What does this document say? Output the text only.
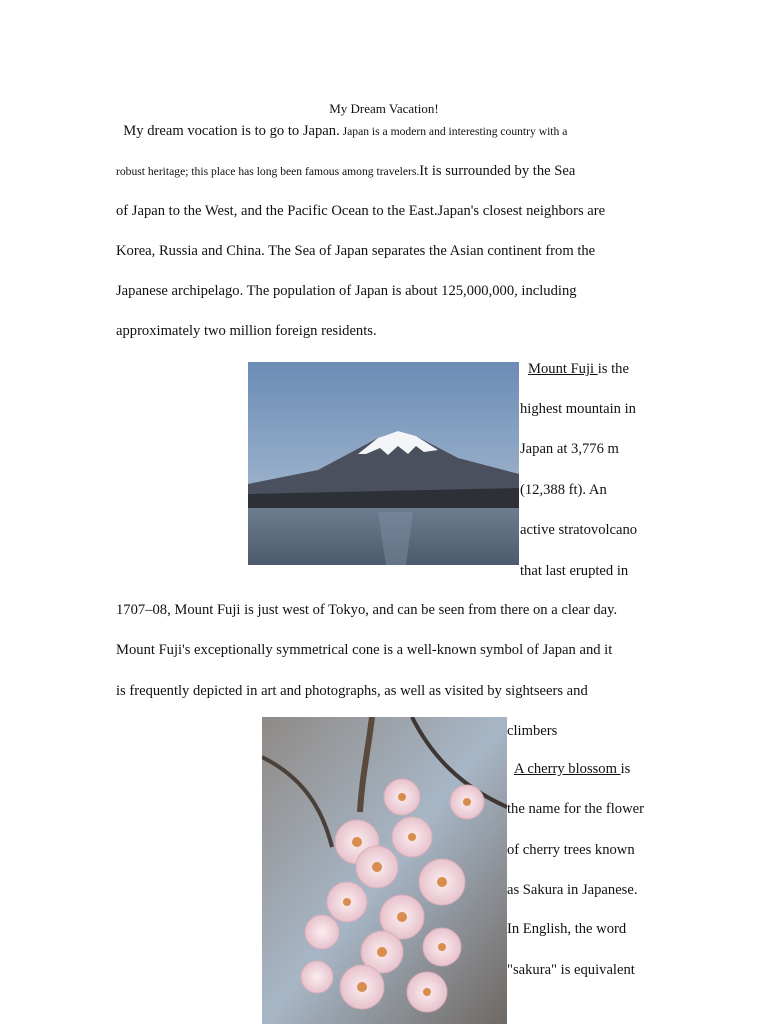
My Dream Vacation!
My dream vocation is to go to Japan. Japan is a modern and interesting country with a
robust heritage; this place has long been famous among travelers.It is surrounded by the Sea
of Japan to the West, and the Pacific Ocean to the East.Japan's closest neighbors are
Korea, Russia and China. The Sea of Japan separates the Asian continent from the
Japanese archipelago. The population of Japan is about 125,000,000, including
approximately two million foreign residents.
Mount Fuji is the
highest mountain in
Japan at 3,776 m
(12,388 ft). An
active stratovolcano
that last erupted in
1707–08, Mount Fuji is just west of Tokyo, and can be seen from there on a clear day.
Mount Fuji's exceptionally symmetrical cone is a well-known symbol of Japan and it
is frequently depicted in art and photographs, as well as visited by sightseers and
climbers
A cherry blossom is
the name for the flower
of cherry trees known
as Sakura in Japanese.
In English, the word
"sakura" is equivalent
